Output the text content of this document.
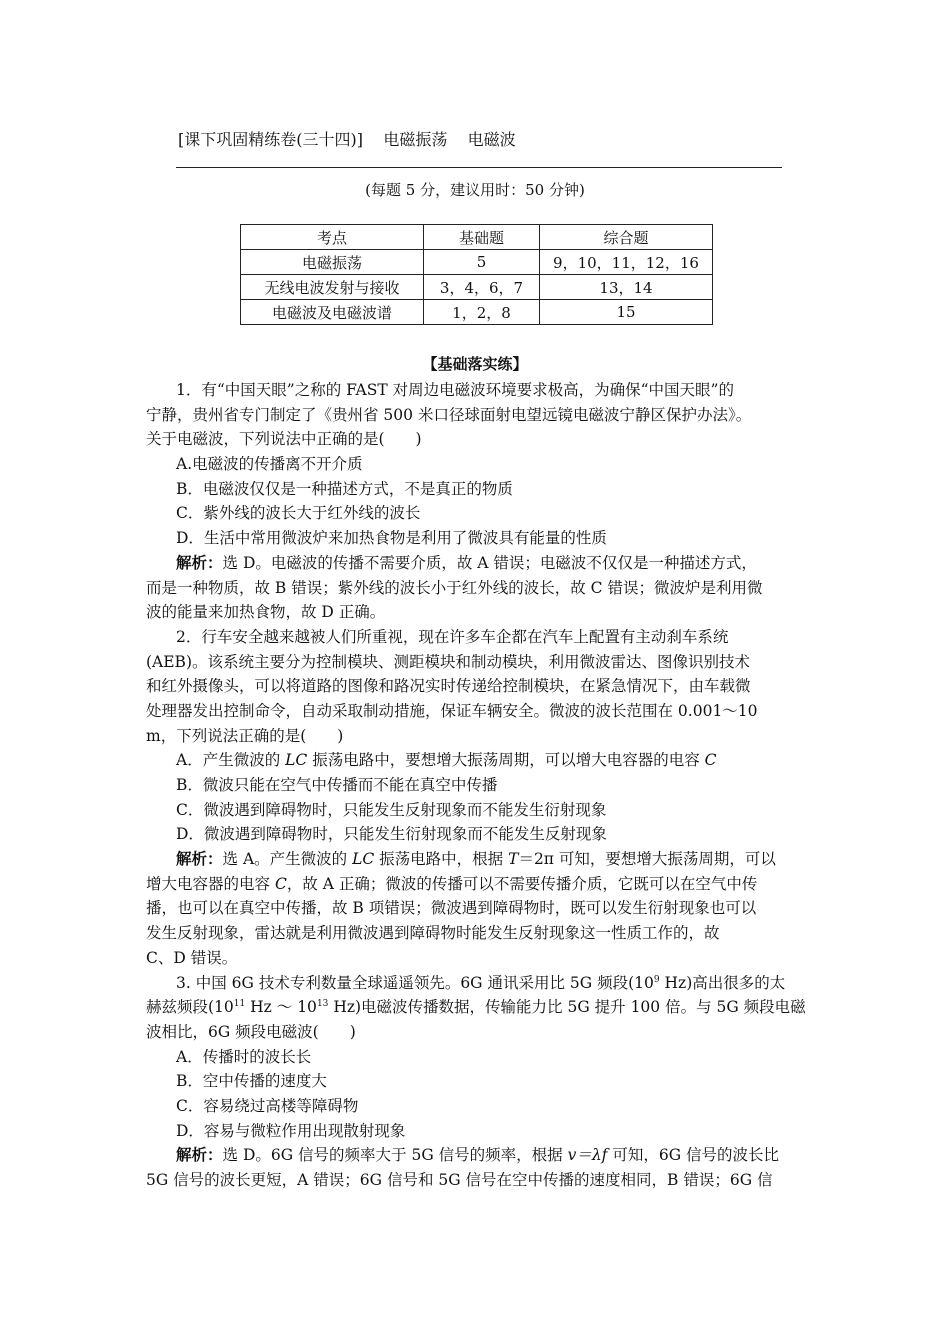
[课下巩固精练卷(三十四)]    电磁振荡    电磁波
(每题 5 分，建议用时：50 分钟)
考点	基础题	综合题
电磁振荡	5	9，10，11，12，16
无线电波发射与接收	3，4，6，7	13，14
电磁波及电磁波谱	1，2，8	15
【基础落实练】
1．有“中国天眼”之称的 FAST 对周边电磁波环境要求极高，为确保“中国天眼”的
宁静，贵州省专门制定了《贵州省 500 米口径球面射电望远镜电磁波宁静区保护办法》。
关于电磁波，下列说法中正确的是(　　)
A.电磁波的传播离不开介质
B．电磁波仅仅是一种描述方式，不是真正的物质
C．紫外线的波长大于红外线的波长
D．生活中常用微波炉来加热食物是利用了微波具有能量的性质
解析：选 D。电磁波的传播不需要介质，故 A 错误；电磁波不仅仅是一种描述方式，
而是一种物质，故 B 错误；紫外线的波长小于红外线的波长，故 C 错误；微波炉是利用微
波的能量来加热食物，故 D 正确。
2．行车安全越来越被人们所重视，现在许多车企都在汽车上配置有主动刹车系统
(AEB)。该系统主要分为控制模块、测距模块和制动模块，利用微波雷达、图像识别技术
和红外摄像头，可以将道路的图像和路况实时传递给控制模块，在紧急情况下，由车载微
处理器发出控制命令，自动采取制动措施，保证车辆安全。微波的波长范围在 0.001～10
m，下列说法正确的是(　　)
A．产生微波的 LC 振荡电路中，要想增大振荡周期，可以增大电容器的电容 C
B．微波只能在空气中传播而不能在真空中传播
C．微波遇到障碍物时，只能发生反射现象而不能发生衍射现象
D．微波遇到障碍物时，只能发生衍射现象而不能发生反射现象
解析：选 A。产生微波的 LC 振荡电路中，根据 T＝2π 可知，要想增大振荡周期，可以
增大电容器的电容 C，故 A 正确；微波的传播可以不需要传播介质，它既可以在空气中传
播，也可以在真空中传播，故 B 项错误；微波遇到障碍物时，既可以发生衍射现象也可以
发生反射现象，雷达就是利用微波遇到障碍物时能发生反射现象这一性质工作的，故
C、D 错误。
3. 中国 6G 技术专利数量全球遥遥领先。6G 通讯采用比 5G 频段($10^9$ Hz)高出很多的太
赫兹频段($10^{11}$ Hz ～ $10^{13}$ Hz)电磁波传播数据，传输能力比 5G 提升 100 倍。与 5G 频段电磁
波相比，6G 频段电磁波(　　)
A．传播时的波长长
B．空中传播的速度大
C．容易绕过高楼等障碍物
D．容易与微粒作用出现散射现象
解析：选 D。6G 信号的频率大于 5G 信号的频率，根据 v＝λf 可知，6G 信号的波长比
5G 信号的波长更短，A 错误；6G 信号和 5G 信号在空中传播的速度相同，B 错误；6G 信
